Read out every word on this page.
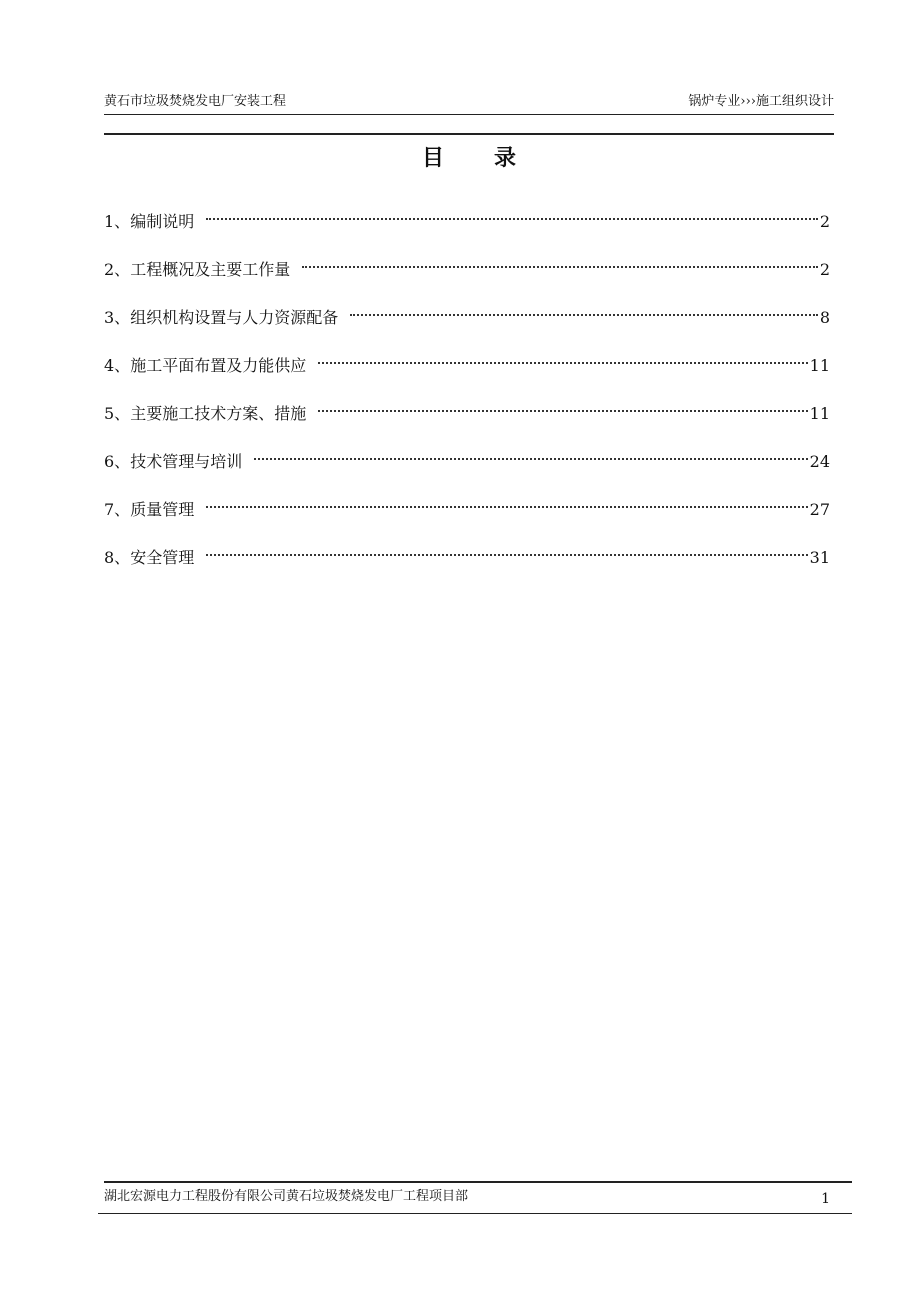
黄石市垃圾焚烧发电厂安装工程	锅炉专业›››施工组织设计
目 录
1、 编制说明	2
2、 工程概况及主要工作量	2
3、 组织机构设置与人力资源配备	8
4、 施工平面布置及力能供应	11
5、 主要施工技术方案、措施	11
6、 技术管理与培训	24
7、 质量管理	27
8、 安全管理	31
湖北宏源电力工程股份有限公司黄石垃圾焚烧发电厂工程项目部	1
